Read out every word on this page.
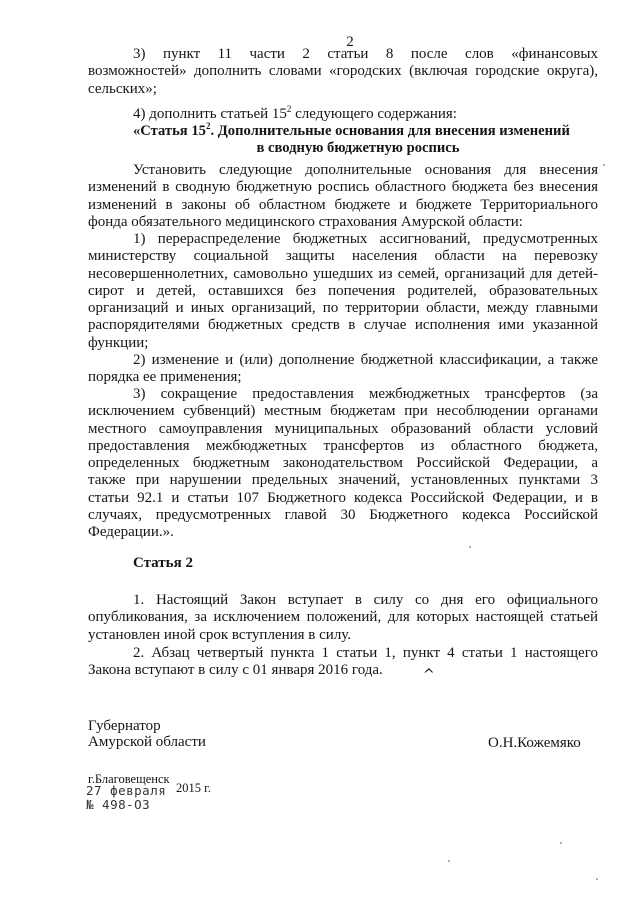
2

3) пункт 11 части 2 статьи 8 после слов «финансовых

возможностей» дополнить словами «городских (включая городские округа),

сельских»;

4) дополнить статьей $15^2$ следующего содержания:

«Статья $15^2$. Дополнительные основания для внесения изменений

в сводную бюджетную роспись

Установить следующие дополнительные основания для внесения

изменений в сводную бюджетную роспись областного бюджета без внесения

изменений в законы об областном бюджете и бюджете Территориального

фонда обязательного медицинского страхования Амурской области:

1) перераспределение бюджетных ассигнований, предусмотренных

министерству социальной защиты населения области на перевозку

несовершеннолетних, самовольно ушедших из семей, организаций для детей-

сирот и детей, оставшихся без попечения родителей, образовательных

организаций и иных организаций, по территории области, между главными

распорядителями бюджетных средств в случае исполнения ими указанной

функции;

2) изменение и (или) дополнение бюджетной классификации, а также

порядка ее применения;

3) сокращение предоставления межбюджетных трансфертов (за

исключением субвенций) местным бюджетам при несоблюдении органами

местного самоуправления муниципальных образований области условий

предоставления межбюджетных трансфертов из областного бюджета,

определенных бюджетным законодательством Российской Федерации, а

также при нарушении предельных значений, установленных пунктами 3

статьи 92.1 и статьи 107 Бюджетного кодекса Российской Федерации, и в

случаях, предусмотренных главой 30 Бюджетного кодекса Российской

Федерации.».

Статья 2

1. Настоящий Закон вступает в силу со дня его официального

опубликования, за исключением положений, для которых настоящей статьей

установлен иной срок вступления в силу.

2. Абзац четвертый пункта 1 статьи 1, пункт 4 статьи 1 настоящего

Закона вступают в силу с 01 января 2016 года.	^
Губернатор
Амурской области	О.Н.Кожемяко
г.Благовещенск
27 февраля
№ 498-ОЗ
2015 г.
